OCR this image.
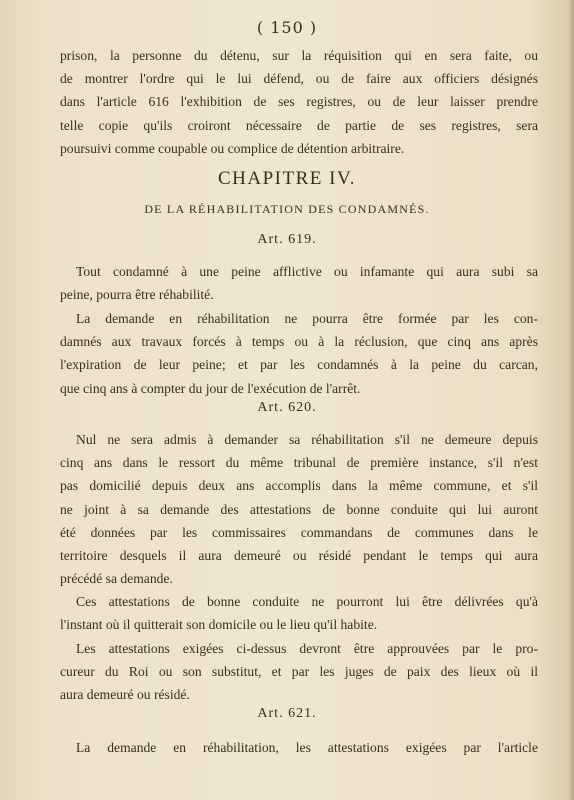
( 150 )
prison, la personne du détenu, sur la réquisition qui en sera faite, ou
de montrer l'ordre qui le lui défend, ou de faire aux officiers désignés
dans l'article 616 l'exhibition de ses registres, ou de leur laisser prendre
telle copie qu'ils croiront nécessaire de partie de ses registres, sera
poursuivi comme coupable ou complice de détention arbitraire.
CHAPITRE IV.
DE LA RÉHABILITATION DES CONDAMNÉS.
Art. 619.
Tout condamné à une peine afflictive ou infamante qui aura subi sa
peine, pourra être réhabilité.
La demande en réhabilitation ne pourra être formée par les con-
damnés aux travaux forcés à temps ou à la réclusion, que cinq ans après
l'expiration de leur peine; et par les condamnés à la peine du carcan,
que cinq ans à compter du jour de l'exécution de l'arrêt.
Art. 620.
Nul ne sera admis à demander sa réhabilitation s'il ne demeure depuis
cinq ans dans le ressort du même tribunal de première instance, s'il n'est
pas domicilié depuis deux ans accomplis dans la même commune, et s'il
ne joint à sa demande des attestations de bonne conduite qui lui auront
été données par les commissaires commandans de communes dans le
territoire desquels il aura demeuré ou résidé pendant le temps qui aura
précédé sa demande.
Ces attestations de bonne conduite ne pourront lui être délivrées qu'à
l'instant où il quitterait son domicile ou le lieu qu'il habite.
Les attestations exigées ci-dessus devront être approuvées par le pro-
cureur du Roi ou son substitut, et par les juges de paix des lieux où il
aura demeuré ou résidé.
Art. 621.
La demande en réhabilitation, les attestations exigées par l'article
